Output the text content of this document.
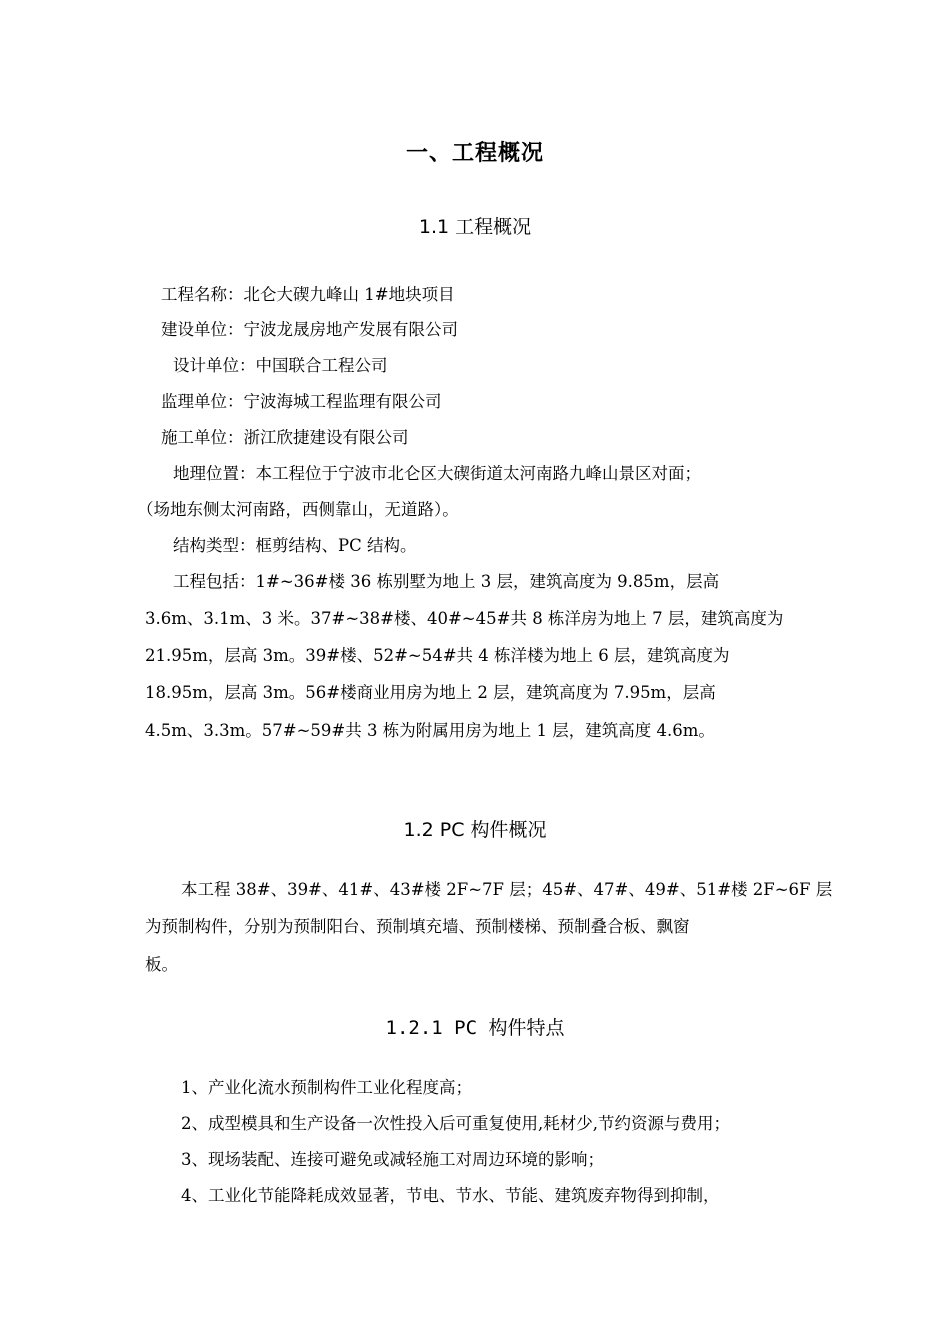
一、工程概况
1.1 工程概况
工程名称：北仑大碶九峰山 1#地块项目
建设单位：宁波龙晟房地产发展有限公司
设计单位：中国联合工程公司
监理单位：宁波海城工程监理有限公司
施工单位：浙江欣捷建设有限公司
地理位置：本工程位于宁波市北仑区大碶街道太河南路九峰山景区对面；
（场地东侧太河南路，西侧靠山，无道路）。
结构类型：框剪结构、PC 结构。
工程包括：1#~36#楼 36 栋别墅为地上 3 层，建筑高度为 9.85m，层高
3.6m、3.1m、3 米。37#~38#楼、40#~45#共 8 栋洋房为地上 7 层，建筑高度为
21.95m，层高 3m。39#楼、52#~54#共 4 栋洋楼为地上 6 层，建筑高度为
18.95m，层高 3m。56#楼商业用房为地上 2 层，建筑高度为 7.95m，层高
4.5m、3.3m。57#~59#共 3 栋为附属用房为地上 1 层，建筑高度 4.6m。
1.2 PC 构件概况
本工程 38#、39#、41#、43#楼 2F~7F 层；45#、47#、49#、51#楼 2F~6F 层
为预制构件，分别为预制阳台、预制填充墙、预制楼梯、预制叠合板、飘窗
板。
1.2.1 PC 构件特点
1、产业化流水预制构件工业化程度高；
2、成型模具和生产设备一次性投入后可重复使用,耗材少,节约资源与费用；
3、现场装配、连接可避免或减轻施工对周边环境的影响；
4、工业化节能降耗成效显著，节电、节水、节能、建筑废弃物得到抑制，
